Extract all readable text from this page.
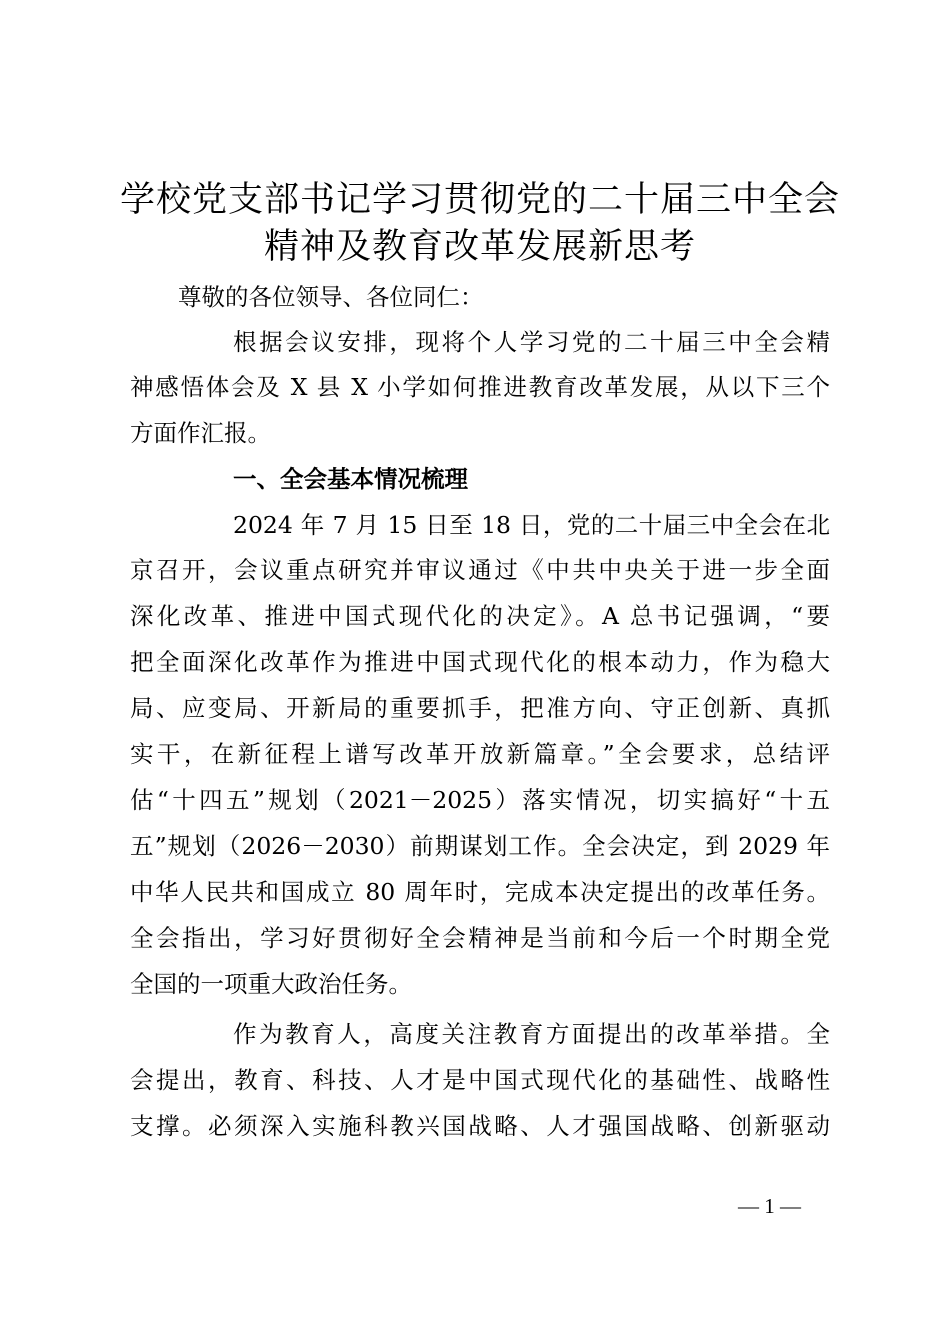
学校党支部书记学习贯彻党的二十届三中全会
精神及教育改革发展新思考

尊敬的各位领导、各位同仁：

根据会议安排，现将个人学习党的二十届三中全会精

神感悟体会及 X 县 X 小学如何推进教育改革发展，从以下三个

方面作汇报。

一、全会基本情况梳理

2024 年 7 月 15 日至 18 日，党的二十届三中全会在北

京召开，会议重点研究并审议通过《中共中央关于进一步全面

深化改革、推进中国式现代化的决定》。A 总书记强调，“要

把全面深化改革作为推进中国式现代化的根本动力，作为稳大

局、应变局、开新局的重要抓手，把准方向、守正创新、真抓

实干，在新征程上谱写改革开放新篇章。”全会要求，总结评

估“十四五”规划（2021－2025）落实情况，切实搞好“十五

五”规划（2026－2030）前期谋划工作。全会决定，到 2029 年

中华人民共和国成立 80 周年时，完成本决定提出的改革任务。

全会指出，学习好贯彻好全会精神是当前和今后一个时期全党

全国的一项重大政治任务。

作为教育人，高度关注教育方面提出的改革举措。全

会提出，教育、科技、人才是中国式现代化的基础性、战略性

支撑。必须深入实施科教兴国战略、人才强国战略、创新驱动

— 1 —
